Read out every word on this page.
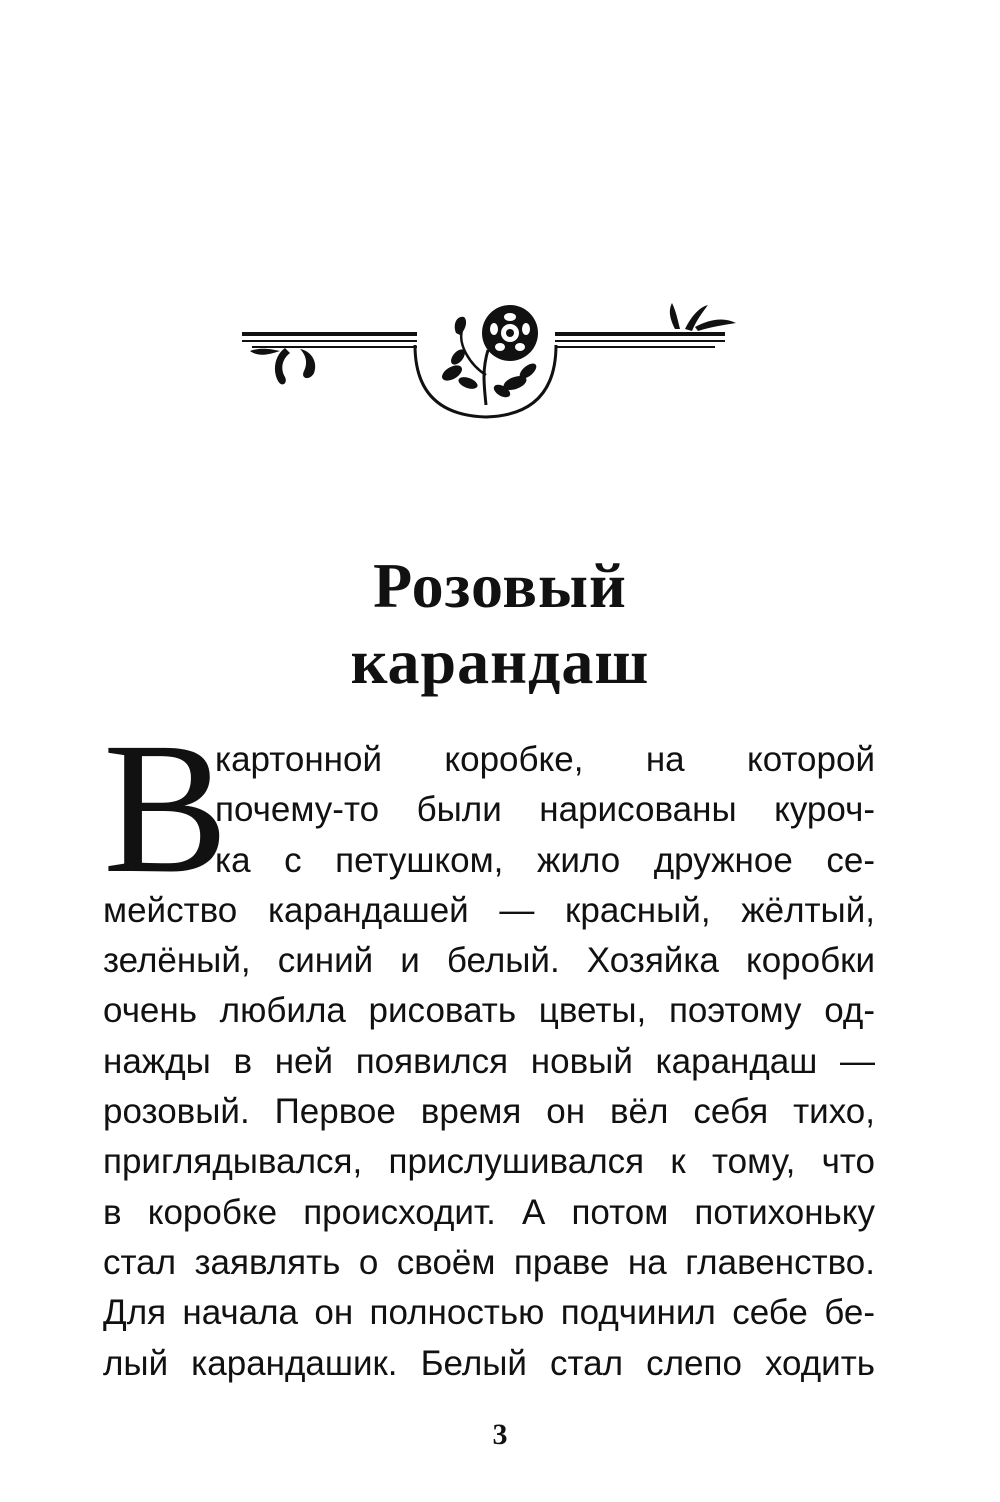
Розовый
карандаш
В
картонной коробке, на которой
почему-то были нарисованы куроч-
ка с петушком, жило дружное се-
мейство карандашей — красный, жёлтый,
зелёный, синий и белый. Хозяйка коробки
очень любила рисовать цветы, поэтому од-
нажды в ней появился новый карандаш —
розовый. Первое время он вёл себя тихо,
приглядывался, прислушивался к тому, что
в коробке происходит. А потом потихоньку
стал заявлять о своём праве на главенство.
Для начала он полностью подчинил себе бе-
лый карандашик. Белый стал слепо ходить
3
